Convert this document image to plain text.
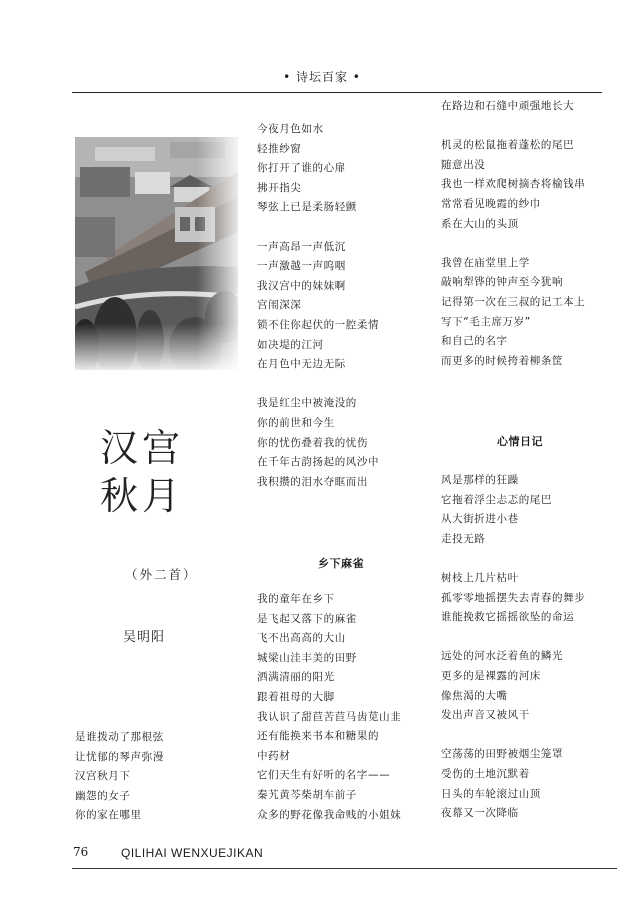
• 诗坛百家 •
汉宫
秋月
（外二首）
吴明阳
是谁拨动了那根弦
让忧郁的琴声弥漫
汉宫秋月下
幽怨的女子
你的家在哪里
今夜月色如水
轻推纱窗
你打开了谁的心扉
拂开指尖
琴弦上已是柔肠轻颤
一声高昂一声低沉
一声激越一声呜咽
我汉宫中的妹妹啊
宫闱深深
锁不住你起伏的一腔柔情
如决堤的江河
在月色中无边无际
我是红尘中被淹没的
你的前世和今生
你的忧伤叠着我的忧伤
在千年古韵扬起的风沙中
我积攒的泪水夺眶而出
乡下麻雀
我的童年在乡下
是飞起又落下的麻雀
飞不出高高的大山
城梁山洼丰美的田野
洒满清丽的阳光
跟着祖母的大脚
我认识了甜苣苦苣马齿苋山韭
还有能换来书本和糖果的
中药材
它们天生有好听的名字——
秦艽黄芩柴胡车前子
众多的野花像我命贱的小姐妹
在路边和石缝中顽强地长大
机灵的松鼠拖着蓬松的尾巴
随意出没
我也一样欢爬树摘杏将榆钱串
常常看见晚霞的纱巾
系在大山的头顶
我曾在庙堂里上学
敲响犁铧的钟声至今犹响
记得第一次在三叔的记工本上
写下“毛主席万岁”
和自己的名字
而更多的时候挎着柳条筐
心情日记
风是那样的狂躁
它拖着浮尘忐忑的尾巴
从大街折进小巷
走投无路
树枝上几片枯叶
孤零零地摇摆失去青春的舞步
谁能挽救它摇摇欲坠的命运
远处的河水泛着鱼的鳞光
更多的是裸露的河床
像焦渴的大嘴
发出声音又被风干
空荡荡的田野被烟尘笼罩
受伤的土地沉默着
日头的车轮滚过山顶
夜幕又一次降临
76	QILIHAI WENXUEJIKAN
